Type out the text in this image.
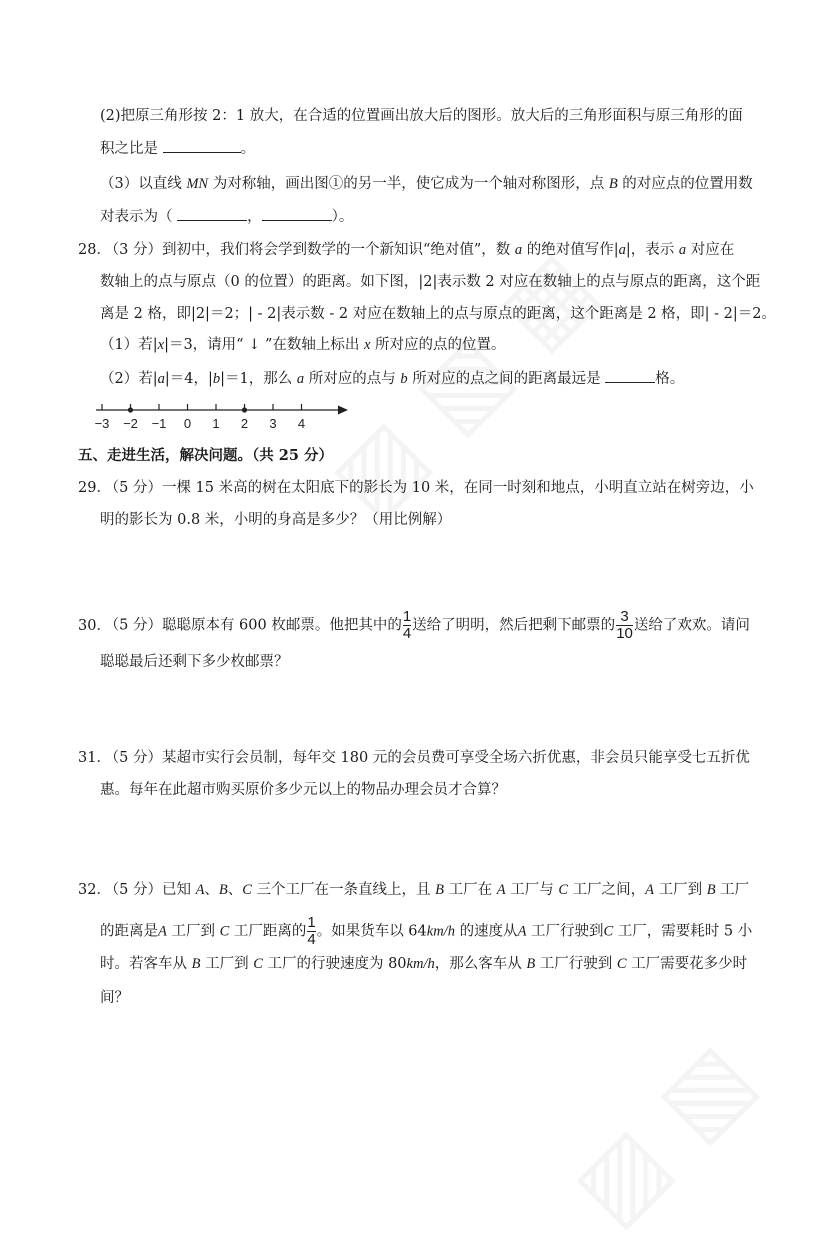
(2)把原三角形按 2：1 放大，在合适的位置画出放大后的图形。放大后的三角形面积与原三角形的面
积之比是	。
（3）以直线 MN 为对称轴，画出图①的另一半，使它成为一个轴对称图形，点 B 的对应点的位置用数
对表示为（	，	）。
28． （3 分）到初中，我们将会学到数学的一个新知识“绝对值”，数 a 的绝对值写作|a|，表示 a 对应在
数轴上的点与原点（0 的位置）的距离。如下图，|2|表示数 2 对应在数轴上的点与原点的距离，这个距
离是 2 格，即|2|＝2；| ‐ 2|表示数 ‐ 2 对应在数轴上的点与原点的距离，这个距离是 2 格，即| ‐ 2|＝2。
（1）若|x|＝3，请用“ ↓ ”在数轴上标出 x 所对应的点的位置。
（2）若|a|＝4，|b|＝1，那么 a 所对应的点与 b 所对应的点之间的距离最远是	格。
−3 −2 −1 0 1 2 3 4
五、走进生活，解决问题。（共 25 分）
29． （5 分）一棵 15 米高的树在太阳底下的影长为 10 米，在同一时刻和地点，小明直立站在树旁边，小
明的影长为 0.8 米，小明的身高是多少？（用比例解）
30． （5 分）聪聪原本有 600 枚邮票。他把其中的 $\frac{1}{4}$ 送给了明明，然后把剩下邮票的 $\frac{3}{10}$ 送给了欢欢。请问
聪聪最后还剩下多少枚邮票？
31． （5 分）某超市实行会员制，每年交 180 元的会员费可享受全场六折优惠，非会员只能享受七五折优
惠。每年在此超市购买原价多少元以上的物品办理会员才合算？
32． （5 分）已知 A、B、C 三个工厂在一条直线上，且 B 工厂在 A 工厂与 C 工厂之间，A 工厂到 B 工厂
的距离是A 工厂到 C 工厂距离的 $\frac{1}{4}$ 。如果货车以 64km/h 的速度从A 工厂行驶到C 工厂，需要耗时 5 小
时。若客车从 B 工厂到 C 工厂的行驶速度为 80km/h，那么客车从 B 工厂行驶到 C 工厂需要花多少时
间？
